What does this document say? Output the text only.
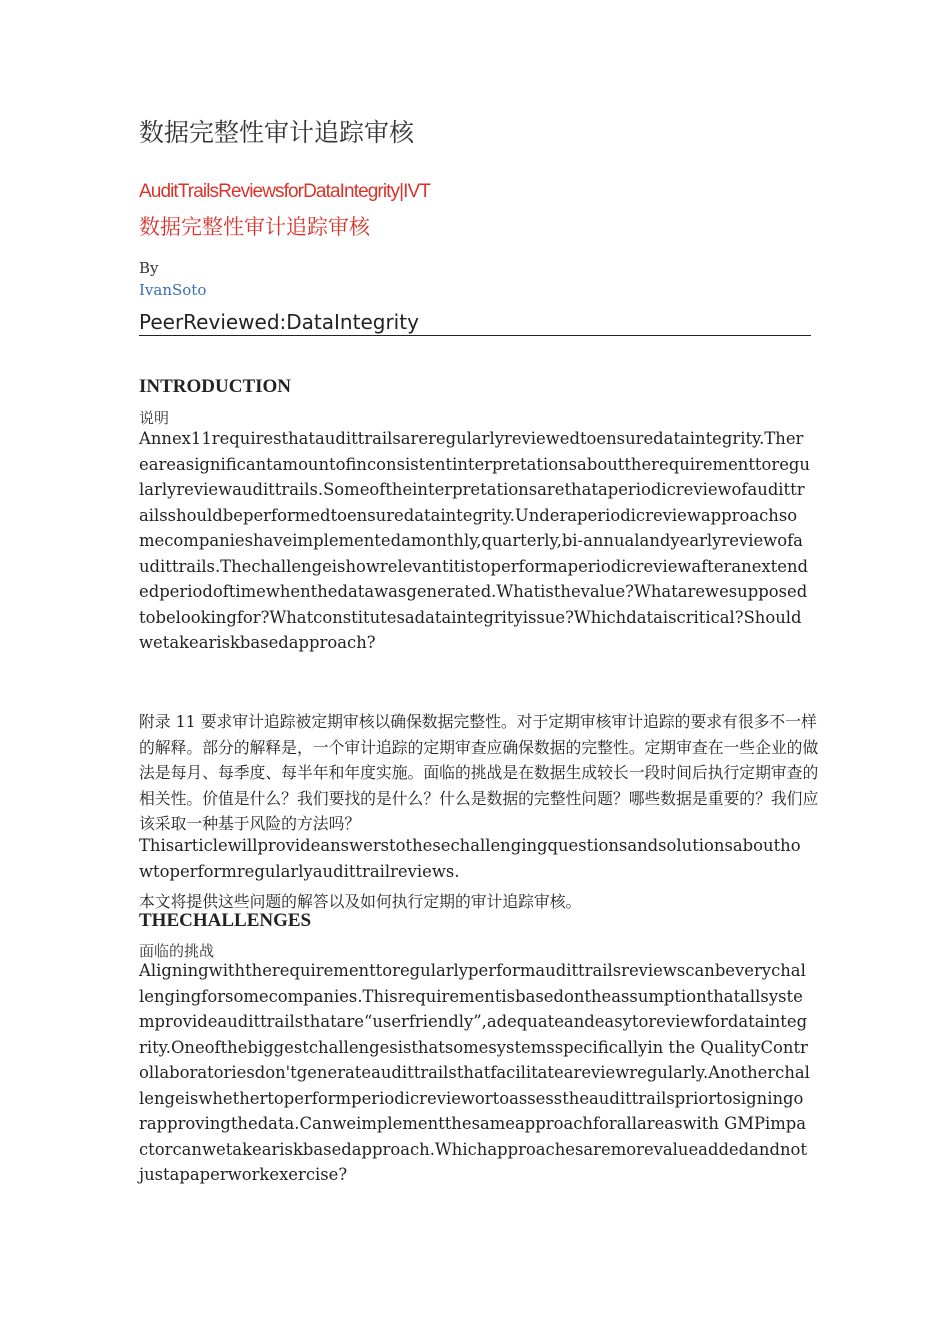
数据完整性审计追踪审核
AuditTrailsReviewsforDataIntegrity|IVT
数据完整性审计追踪审核
By
IvanSoto
PeerReviewed:DataIntegrity
INTRODUCTION
说明

Annex11requiresthataudittrailsareregularlyreviewedtoensuredataintegrity.Thereareasignificantamountofinconsistentinterpretationsabouttherequirementtoregularlyreviewaudittrails.Someoftheinterpretationsarethataperiodicreviewofaudittrailsshouldbeperformedtoensuredataintegrity.Underaperiodicreviewapproachsomecompanieshaveimplementedamonthly,quarterly,bi-annualandyearlyreviewofaudittrails.Thechallengeishowrelevantitistoperformaperiodicreviewafteranextendedperiodoftimewhenthedatawasgenerated.Whatisthevalue?Whatarewesupposedtobelookingfor?Whatconstitutesadataintegrityissue?Whichdataiscritical?Shouldwetakeariskbasedapproach?

附录 11 要求审计追踪被定期审核以确保数据完整性。对于定期审核审计追踪的要求有很多不一样的解释。部分的解释是，一个审计追踪的定期审查应确保数据的完整性。定期审查在一些企业的做法是每月、每季度、每半年和年度实施。面临的挑战是在数据生成较长一段时间后执行定期审查的相关性。价值是什么？我们要找的是什么？什么是数据的完整性问题？哪些数据是重要的？我们应该采取一种基于风险的方法吗？

Thisarticlewillprovideanswerstothesechallengingquestionsandsolutionsabouthowtoperformregularlyaudittrailreviews.

本文将提供这些问题的解答以及如何执行定期的审计追踪审核。
THECHALLENGES
面临的挑战

Aligningwiththerequirementtoregularlyperformaudittrailsreviewscanbeverychallengingforsomecompanies.Thisrequirementisbasedontheassumptionthatallsystemprovideaudittrailsthatare“userfriendly”,adequateandeasytoreviewfordataintegrity.Oneofthebiggestchallengesisthatsomesystemsspecificallyin the QualityControllaboratoriesdon'tgenerateaudittrailsthatfacilitateareviewregularly.Anotherchallengeiswhethertoperformperiodicreviewortoassesstheaudittrailspriortosigningorapprovingthedata.Canweimplementthesameapproachforallareaswith GMPimpactorcanwetakeariskbasedapproach.Whichapproachesaremorevalueaddedandnotjustapaperworkexercise?
